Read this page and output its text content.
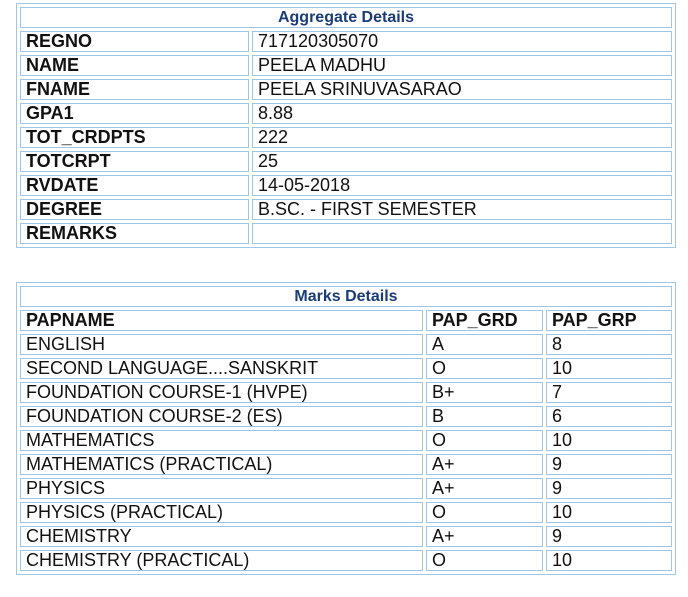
Aggregate Details	
REGNO	717120305070
NAME	PEELA MADHU
FNAME	PEELA SRINUVASARAO
GPA1	8.88
TOT_CRDPTS	222
TOTCRPT	25
RVDATE	14-05-2018
DEGREE	B.SC. - FIRST SEMESTER
REMARKS	
Marks Details		
PAPNAME	PAP_GRD	PAP_GRP
ENGLISH	A	8
SECOND LANGUAGE....SANSKRIT	O	10
FOUNDATION COURSE-1 (HVPE)	B+	7
FOUNDATION COURSE-2 (ES)	B	6
MATHEMATICS	O	10
MATHEMATICS (PRACTICAL)	A+	9
PHYSICS	A+	9
PHYSICS (PRACTICAL)	O	10
CHEMISTRY	A+	9
CHEMISTRY (PRACTICAL)	O	10
